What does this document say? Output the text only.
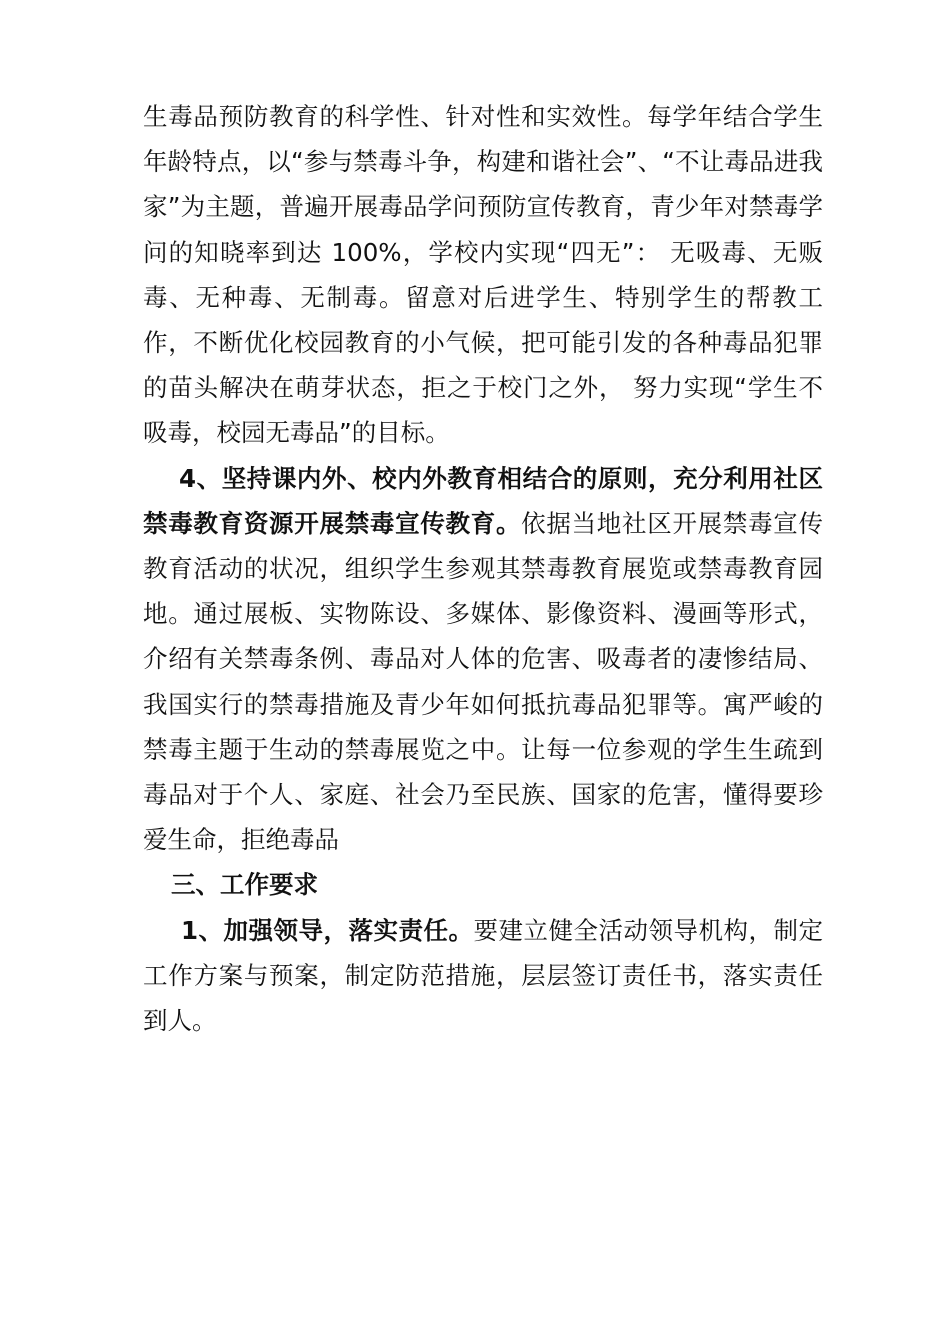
生毒品预防教育的科学性、针对性和实效性。每学年结合学生年龄特点，以“参与禁毒斗争，构建和谐社会”、“不让毒品进我家”为主题，普遍开展毒品学问预防宣传教育，青少年对禁毒学问的知晓率到达 100%，学校内实现“四无”： 无吸毒、无贩毒、无种毒、无制毒。留意对后进学生、特别学生的帮教工作，不断优化校园教育的小气候，把可能引发的各种毒品犯罪的苗头解决在萌芽状态，拒之于校门之外， 努力实现“学生不吸毒，校园无毒品”的目标。

4、坚持课内外、校内外教育相结合的原则，充分利用社区禁毒教育资源开展禁毒宣传教育。依据当地社区开展禁毒宣传教育活动的状况，组织学生参观其禁毒教育展览或禁毒教育园地。通过展板、实物陈设、多媒体、影像资料、漫画等形式，介绍有关禁毒条例、毒品对人体的危害、吸毒者的凄惨结局、我国实行的禁毒措施及青少年如何抵抗毒品犯罪等。寓严峻的禁毒主题于生动的禁毒展览之中。让每一位参观的学生生疏到毒品对于个人、家庭、社会乃至民族、国家的危害，懂得要珍爱生命，拒绝毒品

三、工作要求

1、加强领导，落实责任。要建立健全活动领导机构，制定工作方案与预案，制定防范措施，层层签订责任书，落实责任到人。
